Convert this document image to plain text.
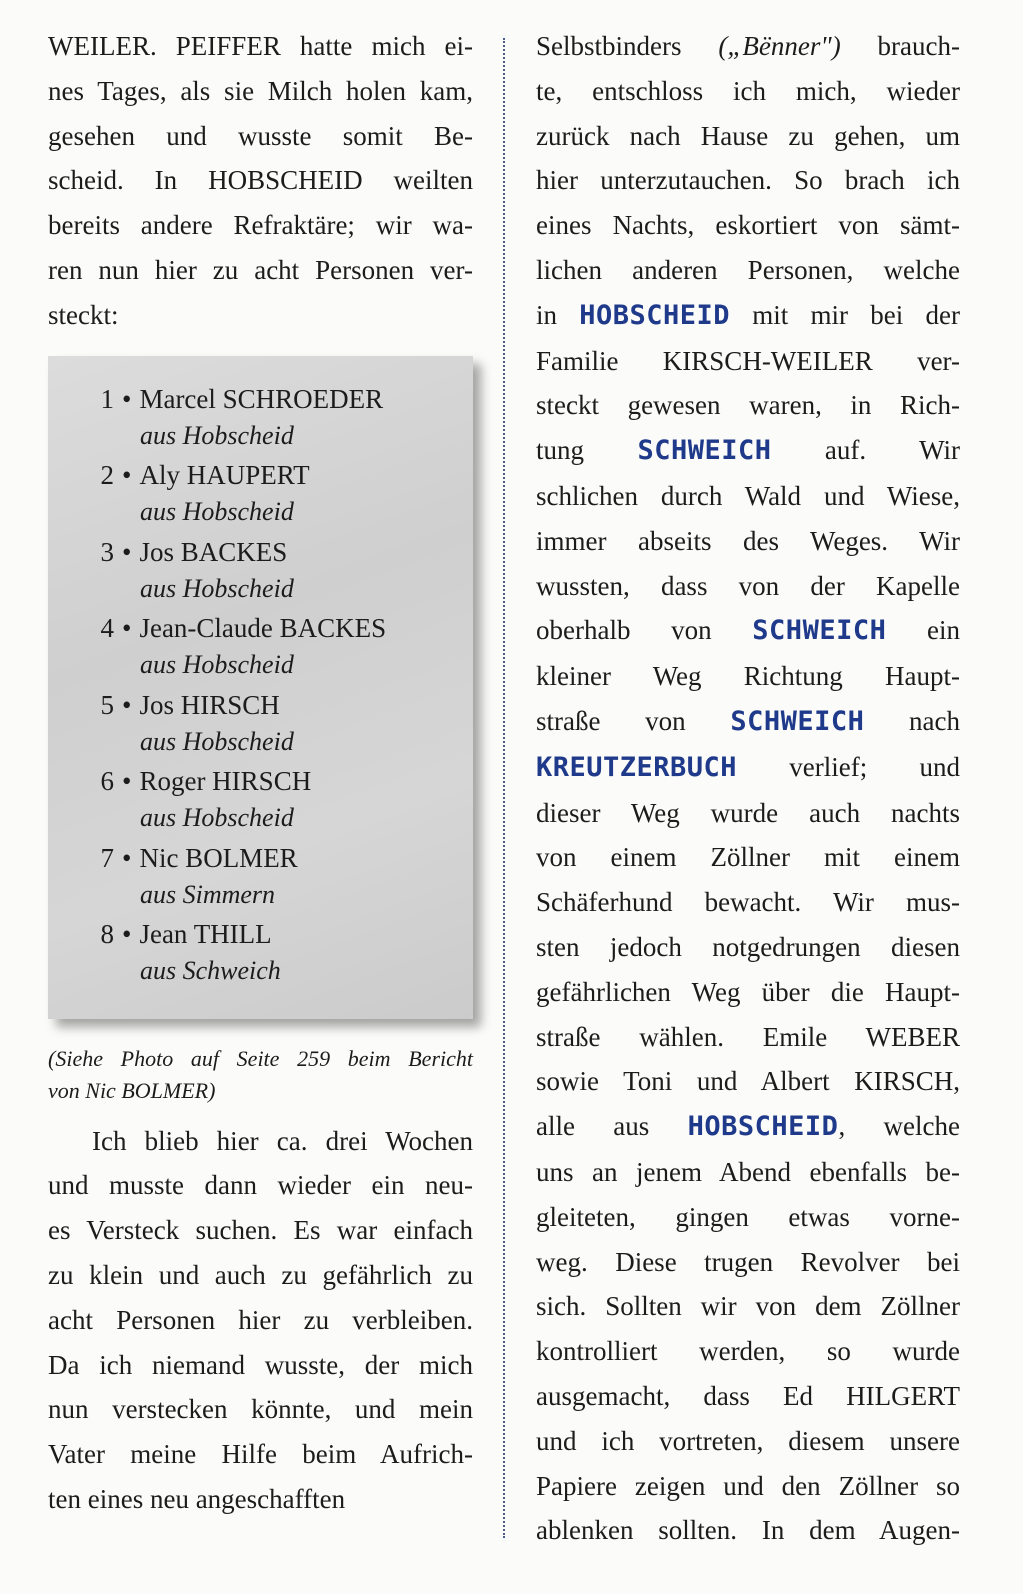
WEILER. PEIFFER hatte mich ei-
nes Tages, als sie Milch holen kam,
gesehen und wusste somit Be-
scheid. In HOBSCHEID weilten
bereits andere Refraktäre; wir wa-
ren nun hier zu acht Personen ver-
steckt:

1 • Marcel SCHROEDER
aus Hobscheid
2 • Aly HAUPERT
aus Hobscheid
3 • Jos BACKES
aus Hobscheid
4 • Jean-Claude BACKES
aus Hobscheid
5 • Jos HIRSCH
aus Hobscheid
6 • Roger HIRSCH
aus Hobscheid
7 • Nic BOLMER
aus Simmern
8 • Jean THILL
aus Schweich

(Siehe Photo auf Seite 259 beim Bericht
von Nic BOLMER)

Ich blieb hier ca. drei Wochen
und musste dann wieder ein neu-
es Versteck suchen. Es war einfach
zu klein und auch zu gefährlich zu
acht Personen hier zu verbleiben.
Da ich niemand wusste, der mich
nun verstecken könnte, und mein
Vater meine Hilfe beim Aufrich-
ten eines neu angeschafften

Selbstbinders („Bënner") brauch-
te, entschloss ich mich, wieder
zurück nach Hause zu gehen, um
hier unterzutauchen. So brach ich
eines Nachts, eskortiert von sämt-
lichen anderen Personen, welche
in HOBSCHEID mit mir bei der
Familie KIRSCH-WEILER ver-
steckt gewesen waren, in Rich-
tung SCHWEICH auf. Wir
schlichen durch Wald und Wiese,
immer abseits des Weges. Wir
wussten, dass von der Kapelle
oberhalb von SCHWEICH ein
kleiner Weg Richtung Haupt-
straße von SCHWEICH nach
KREUTZERBUCH verlief; und
dieser Weg wurde auch nachts
von einem Zöllner mit einem
Schäferhund bewacht. Wir mus-
sten jedoch notgedrungen diesen
gefährlichen Weg über die Haupt-
straße wählen. Emile WEBER
sowie Toni und Albert KIRSCH,
alle aus HOBSCHEID, welche
uns an jenem Abend ebenfalls be-
gleiteten, gingen etwas vorne-
weg. Diese trugen Revolver bei
sich. Sollten wir von dem Zöllner
kontrolliert werden, so wurde
ausgemacht, dass Ed HILGERT
und ich vortreten, diesem unsere
Papiere zeigen und den Zöllner so
ablenken sollten. In dem Augen-
